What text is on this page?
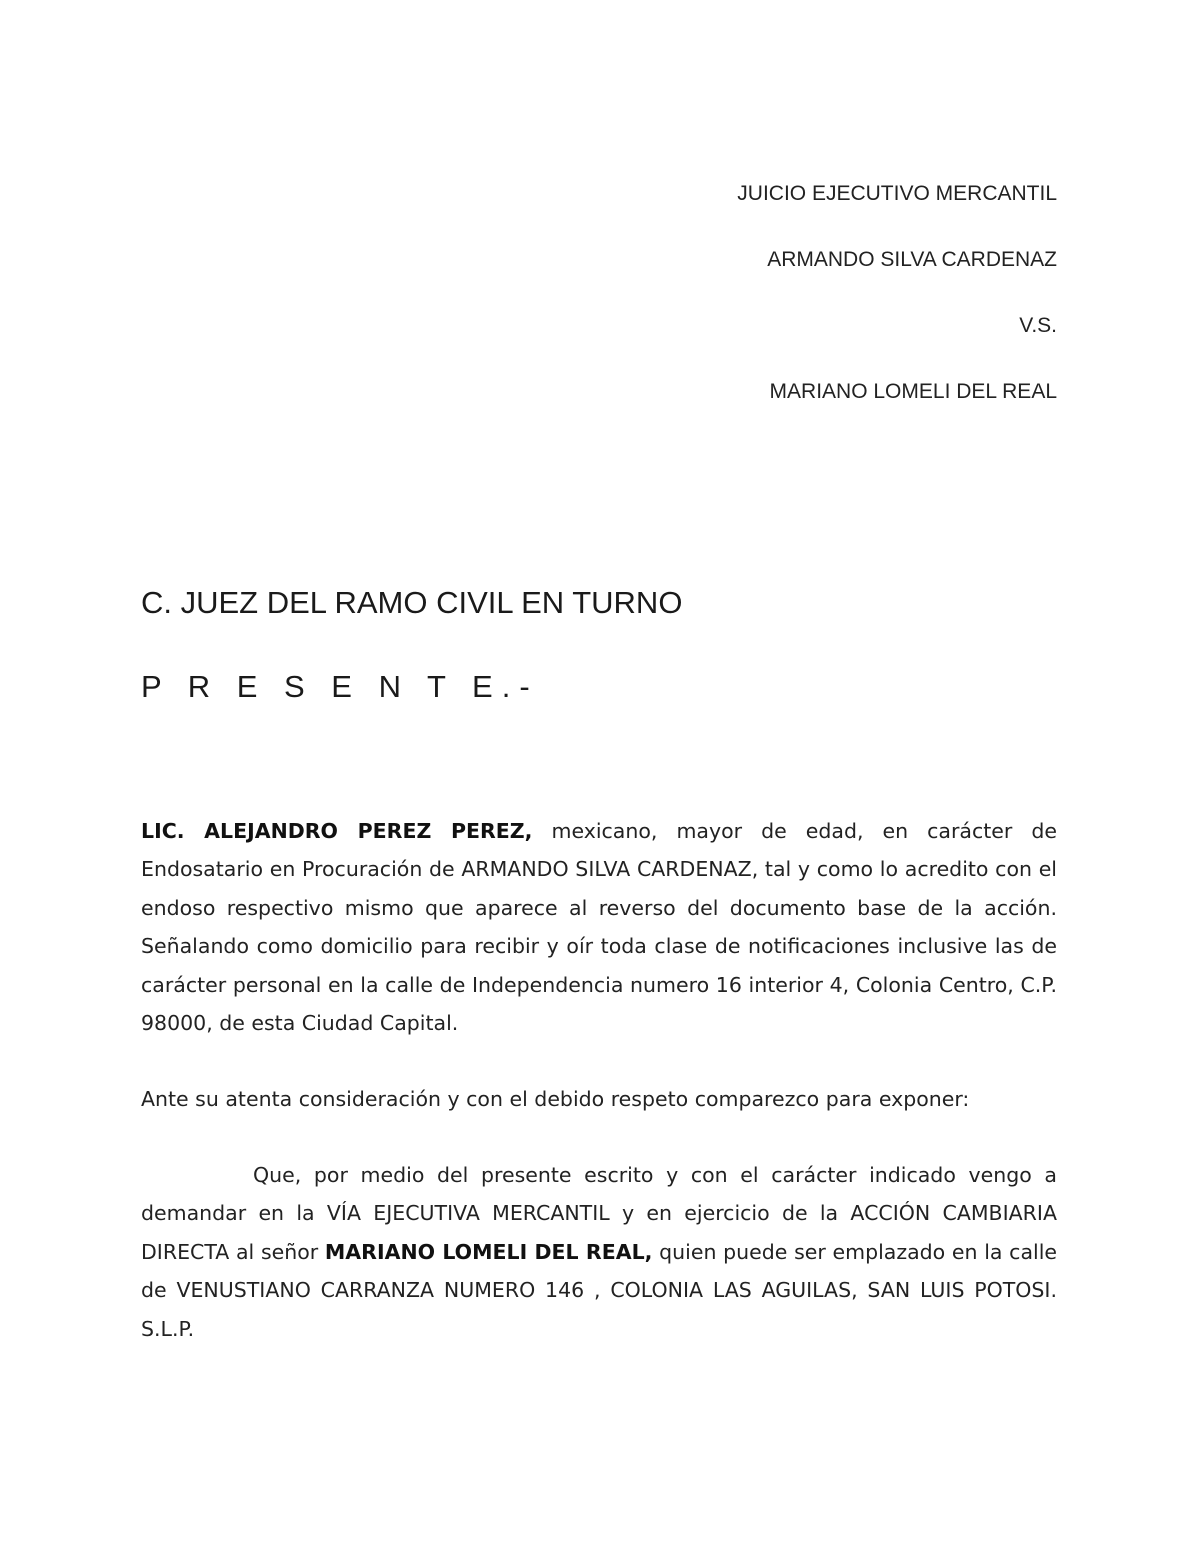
JUICIO EJECUTIVO MERCANTIL
ARMANDO SILVA CARDENAZ
V.S.
MARIANO LOMELI DEL REAL
C. JUEZ DEL RAMO CIVIL EN TURNO
P R E S E N T E.-

LIC. ALEJANDRO PEREZ PEREZ, mexicano, mayor de edad, en carácter de Endosatario en Procuración de ARMANDO SILVA CARDENAZ, tal y como lo acredito con el endoso respectivo mismo que aparece al reverso del documento base de la acción. Señalando como domicilio para recibir y oír toda clase de notificaciones inclusive las de carácter personal en la calle de Independencia numero 16 interior 4, Colonia Centro, C.P. 98000, de esta Ciudad Capital.

Ante su atenta consideración y con el debido respeto comparezco para exponer:

Que, por medio del presente escrito y con el carácter indicado vengo a demandar en la VÍA EJECUTIVA MERCANTIL y en ejercicio de la ACCIÓN CAMBIARIA DIRECTA al señor MARIANO LOMELI DEL REAL, quien puede ser emplazado en la calle de VENUSTIANO CARRANZA NUMERO 146 , COLONIA LAS AGUILAS, SAN LUIS POTOSI. S.L.P.
